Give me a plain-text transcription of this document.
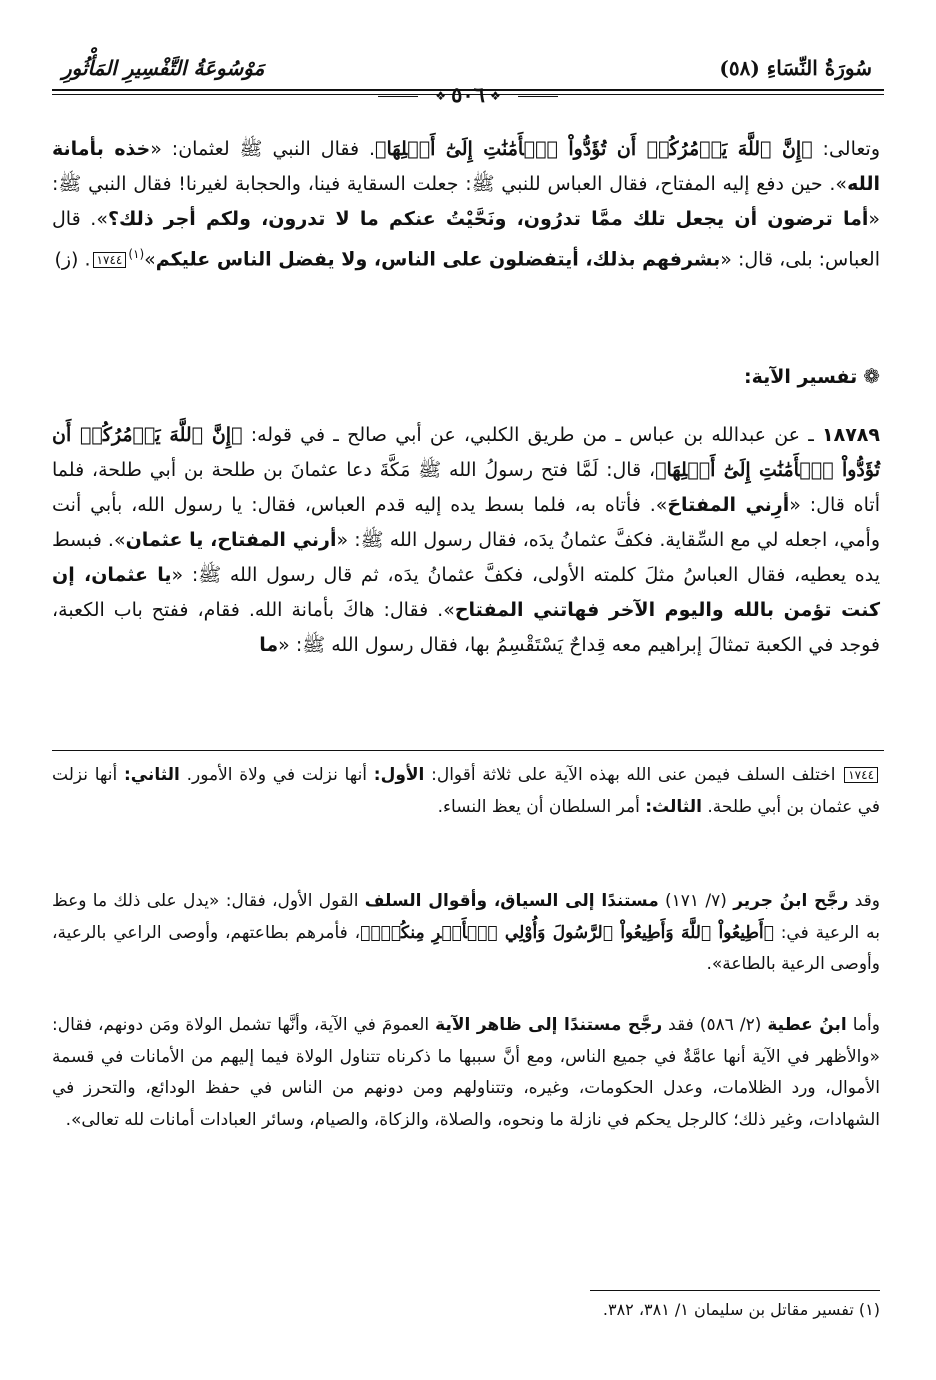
سُورَةُ النِّسَاءِ (٥٨)
مَوْسُوعَةُ التَّفْسِيرِ المَأْثُورِ
❖ ٥٠٦ ❖
وتعالى: ﴿إِنَّ ٱللَّهَ يَأۡمُرُكُمۡ أَن تُؤَدُّواْ ٱلۡأَمَٰنَٰتِ إِلَىٰٓ أَهۡلِهَا﴾. فقال النبي ﷺ لعثمان: «خذه بأمانة الله». حين دفع إليه المفتاح، فقال العباس للنبي ﷺ: جعلت السقاية فينا، والحجابة لغيرنا! فقال النبي ﷺ: «أما ترضون أن يجعل تلك ممَّا تدرُون، ونَحَّيْتُ عنكم ما لا تدرون، ولكم أجر ذلك؟». قال العباس: بلى، قال: «بشرفهم بذلك، أيتفضلون على الناس، ولا يفضل الناس عليكم»$^{(١)}$١٧٤٤. (ز)
❁تفسير الآية:
١٨٧٨٩ ـ عن عبدالله بن عباس ـ من طريق الكلبي، عن أبي صالح ـ في قوله: ﴿إِنَّ ٱللَّهَ يَأۡمُرُكُمۡ أَن تُؤَدُّواْ ٱلۡأَمَٰنَٰتِ إِلَىٰٓ أَهۡلِهَا﴾، قال: لَمَّا فتح رسولُ الله ﷺ مَكَّةَ دعا عثمانَ بن طلحة بن أبي طلحة، فلما أتاه قال: «أرِني المفتاحَ». فأتاه به، فلما بسط يده إليه قدم العباس، فقال: يا رسول الله، بأبي أنت وأمي، اجعله لي مع السِّقاية. فكفَّ عثمانُ يدَه، فقال رسول الله ﷺ: «أرني المفتاح، يا عثمان». فبسط يده يعطيه، فقال العباسُ مثلَ كلمته الأولى، فكفَّ عثمانُ يدَه، ثم قال رسول الله ﷺ: «يا عثمان، إن كنت تؤمن بالله واليوم الآخر فهاتني المفتاح». فقال: هاكَ بأمانة الله. فقام، ففتح باب الكعبة، فوجد في الكعبة تمثالَ إبراهيم معه قِداحٌ يَسْتَقْسِمُ بها، فقال رسول الله ﷺ: «ما
١٧٤٤ اختلف السلف فيمن عنى الله بهذه الآية على ثلاثة أقوال: الأول: أنها نزلت في ولاة الأمور. الثاني: أنها نزلت في عثمان بن أبي طلحة. الثالث: أمر السلطان أن يعظ النساء.
وقد رجَّح ابنُ جرير (٧/ ١٧١) مستندًا إلى السياق، وأقوال السلف القول الأول، فقال: «يدل على ذلك ما وعظ به الرعية في: ﴿أَطِيعُواْ ٱللَّهَ وَأَطِيعُواْ ٱلرَّسُولَ وَأُوْلِي ٱلۡأَمۡرِ مِنكُمۡۖ﴾، فأمرهم بطاعتهم، وأوصى الراعي بالرعية، وأوصى الرعية بالطاعة».
وأما ابنُ عطية (٢/ ٥٨٦) فقد رجَّح مستندًا إلى ظاهر الآية العمومَ في الآية، وأنَّها تشمل الولاة ومَن دونهم، فقال: «والأظهر في الآية أنها عامَّةٌ في جميع الناس، ومع أنَّ سببها ما ذكرناه تتناول الولاة فيما إليهم من الأمانات في قسمة الأموال، ورد الظلامات، وعدل الحكومات، وغيره، وتتناولهم ومن دونهم من الناس في حفظ الودائع، والتحرز في الشهادات، وغير ذلك؛ كالرجل يحكم في نازلة ما ونحوه، والصلاة، والزكاة، والصيام، وسائر العبادات أمانات لله تعالى».
(١) تفسير مقاتل بن سليمان ١/ ٣٨١، ٣٨٢.
